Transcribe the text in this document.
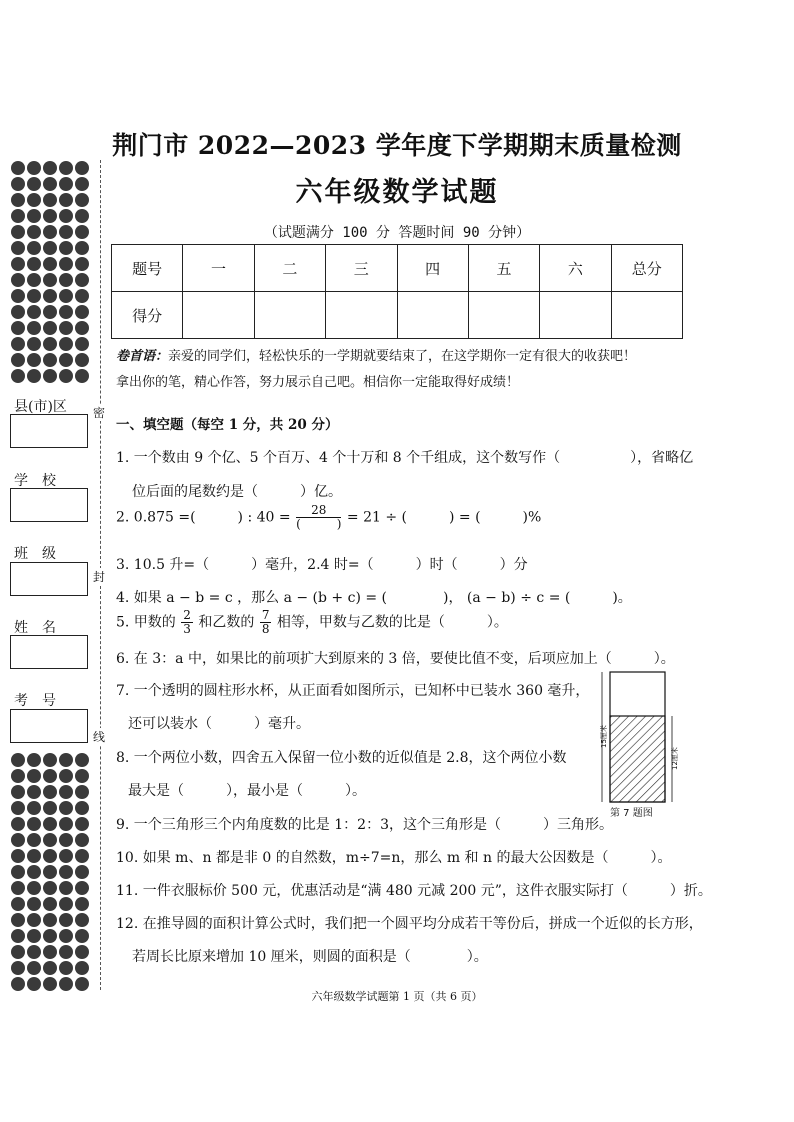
县(市)区
学　校
班　级
姓　名
考　号
密
封
线
荆门市 2022—2023 学年度下学期期末质量检测
六年级数学试题
（试题满分 100 分 答题时间 90 分钟）
题号	一	二	三	四	五	六	总分
得分							
卷首语：亲爱的同学们，轻松快乐的一学期就要结束了，在这学期你一定有很大的收获吧！
拿出你的笔，精心作答，努力展示自己吧。相信你一定能取得好成绩！
一、填空题（每空 1 分，共 20 分）
1. 一个数由 9 个亿、5 个百万、4 个十万和 8 个千组成，这个数写作（　　　　　），省略亿
位后面的尾数约是（　　　）亿。
2. 0.875 =(　　　) : $40 = \frac{28}{( )} = 21$ ÷ (　　　) = (　　　)%
3. 10.5 升=（　　　）毫升，2.4 时=（　　　）时（　　　）分
4. 如果 a − b = c ，那么 a − (b + c) = (　　　　)， (a − b) ÷ c = (　　　)。
5. 甲数的 $\frac{2}{3}$ 和乙数的 $\frac{7}{8}$ 相等，甲数与乙数的比是（　　　）。
6. 在 3：a 中，如果比的前项扩大到原来的 3 倍，要使比值不变，后项应加上（　　　）。
7. 一个透明的圆柱形水杯，从正面看如图所示，已知杯中已装水 360 毫升，
还可以装水（　　　）毫升。
8. 一个两位小数，四舍五入保留一位小数的近似值是 2.8，这个两位小数
最大是（　　　），最小是（　　　）。
9. 一个三角形三个内角度数的比是 1：2：3，这个三角形是（　　　）三角形。
10. 如果 m、n 都是非 0 的自然数，m÷7=n，那么 m 和 n 的最大公因数是（　　　）。
11. 一件衣服标价 500 元，优惠活动是“满 480 元减 200 元”，这件衣服实际打（　　　）折。
12. 在推导圆的面积计算公式时，我们把一个圆平均分成若干等份后，拼成一个近似的长方形，
若周长比原来增加 10 厘米，则圆的面积是（　　　　）。
15厘米
12厘米
第 7 题图
六年级数学试题第 1 页（共 6 页）
